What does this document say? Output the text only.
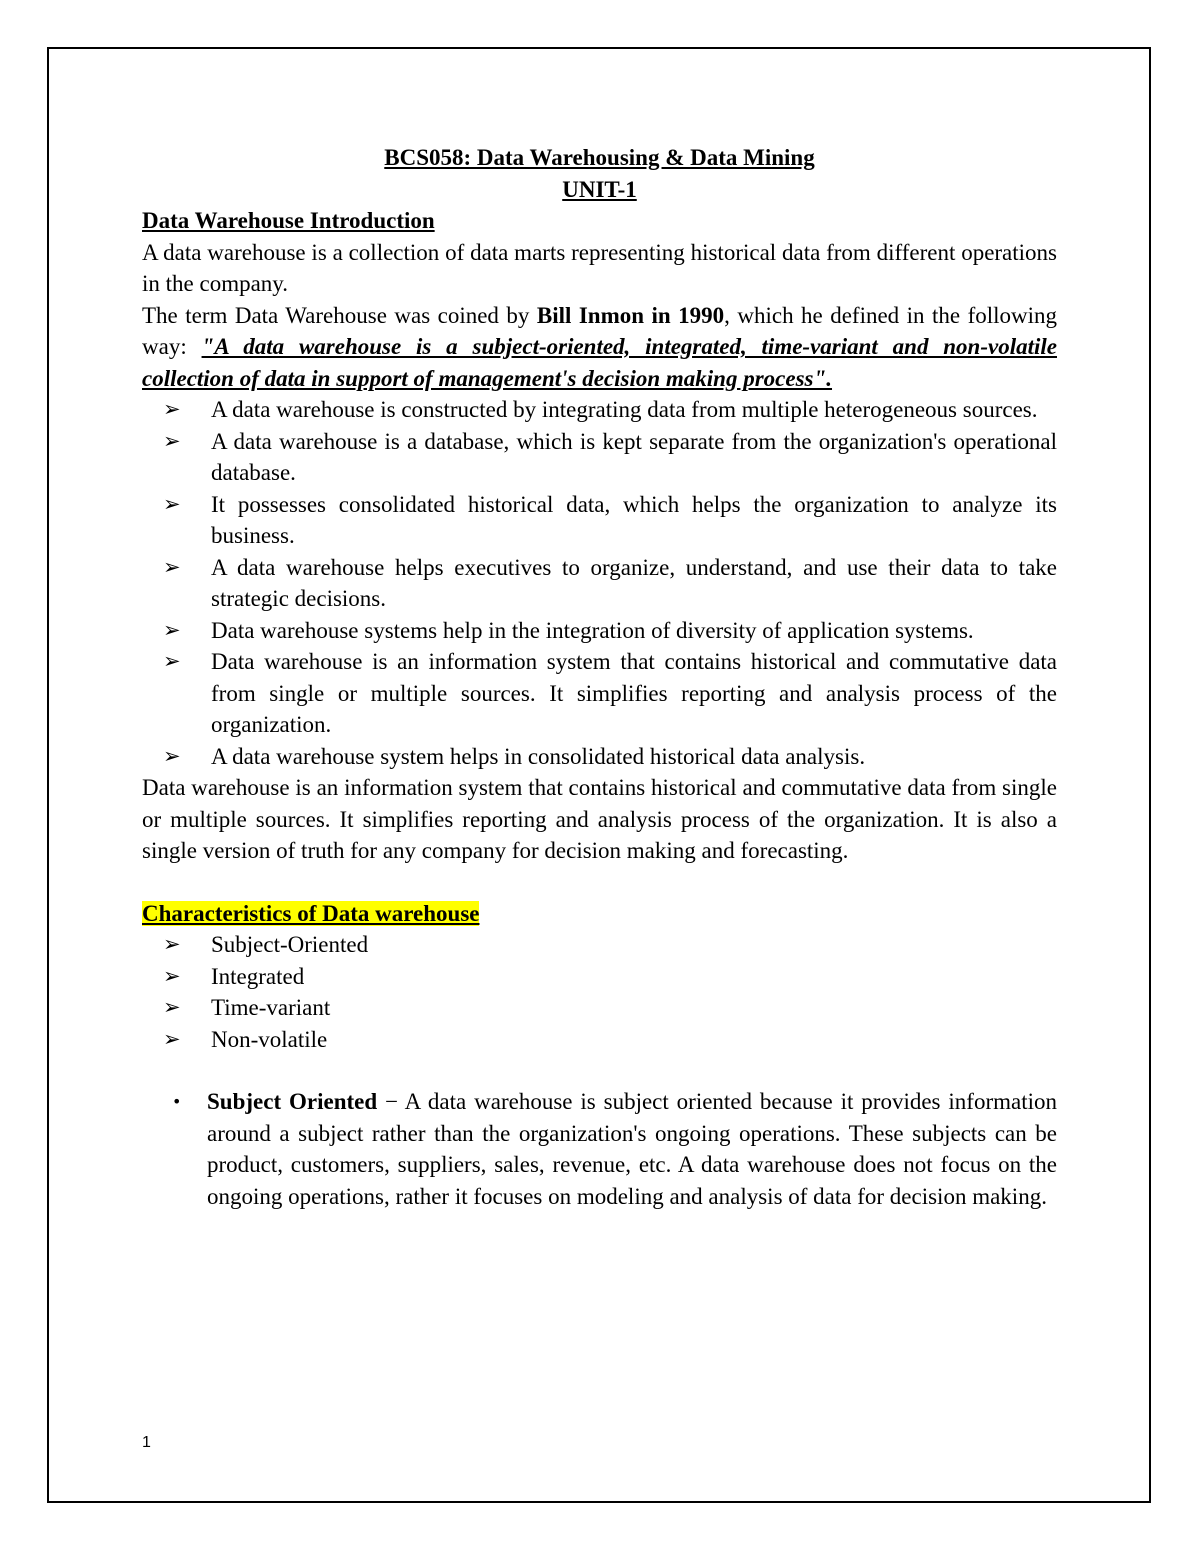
BCS058: Data Warehousing & Data Mining
UNIT-1
Data Warehouse Introduction
A data warehouse is a collection of data marts representing historical data from different operations in the company.
The term Data Warehouse was coined by Bill Inmon in 1990, which he defined in the following way: "A data warehouse is a subject-oriented, integrated, time-variant and non-volatile collection of data in support of management's decision making process".
➢ A data warehouse is constructed by integrating data from multiple heterogeneous sources.
➢ A data warehouse is a database, which is kept separate from the organization's operational database.
➢ It possesses consolidated historical data, which helps the organization to analyze its business.
➢ A data warehouse helps executives to organize, understand, and use their data to take strategic decisions.
➢ Data warehouse systems help in the integration of diversity of application systems.
➢ Data warehouse is an information system that contains historical and commutative data from single or multiple sources. It simplifies reporting and analysis process of the organization.
➢ A data warehouse system helps in consolidated historical data analysis.
Data warehouse is an information system that contains historical and commutative data from single or multiple sources. It simplifies reporting and analysis process of the organization. It is also a single version of truth for any company for decision making and forecasting.
Characteristics of Data warehouse
➢ Subject-Oriented
➢ Integrated
➢ Time-variant
➢ Non-volatile
• Subject Oriented − A data warehouse is subject oriented because it provides information around a subject rather than the organization's ongoing operations. These subjects can be product, customers, suppliers, sales, revenue, etc. A data warehouse does not focus on the ongoing operations, rather it focuses on modeling and analysis of data for decision making.
1
